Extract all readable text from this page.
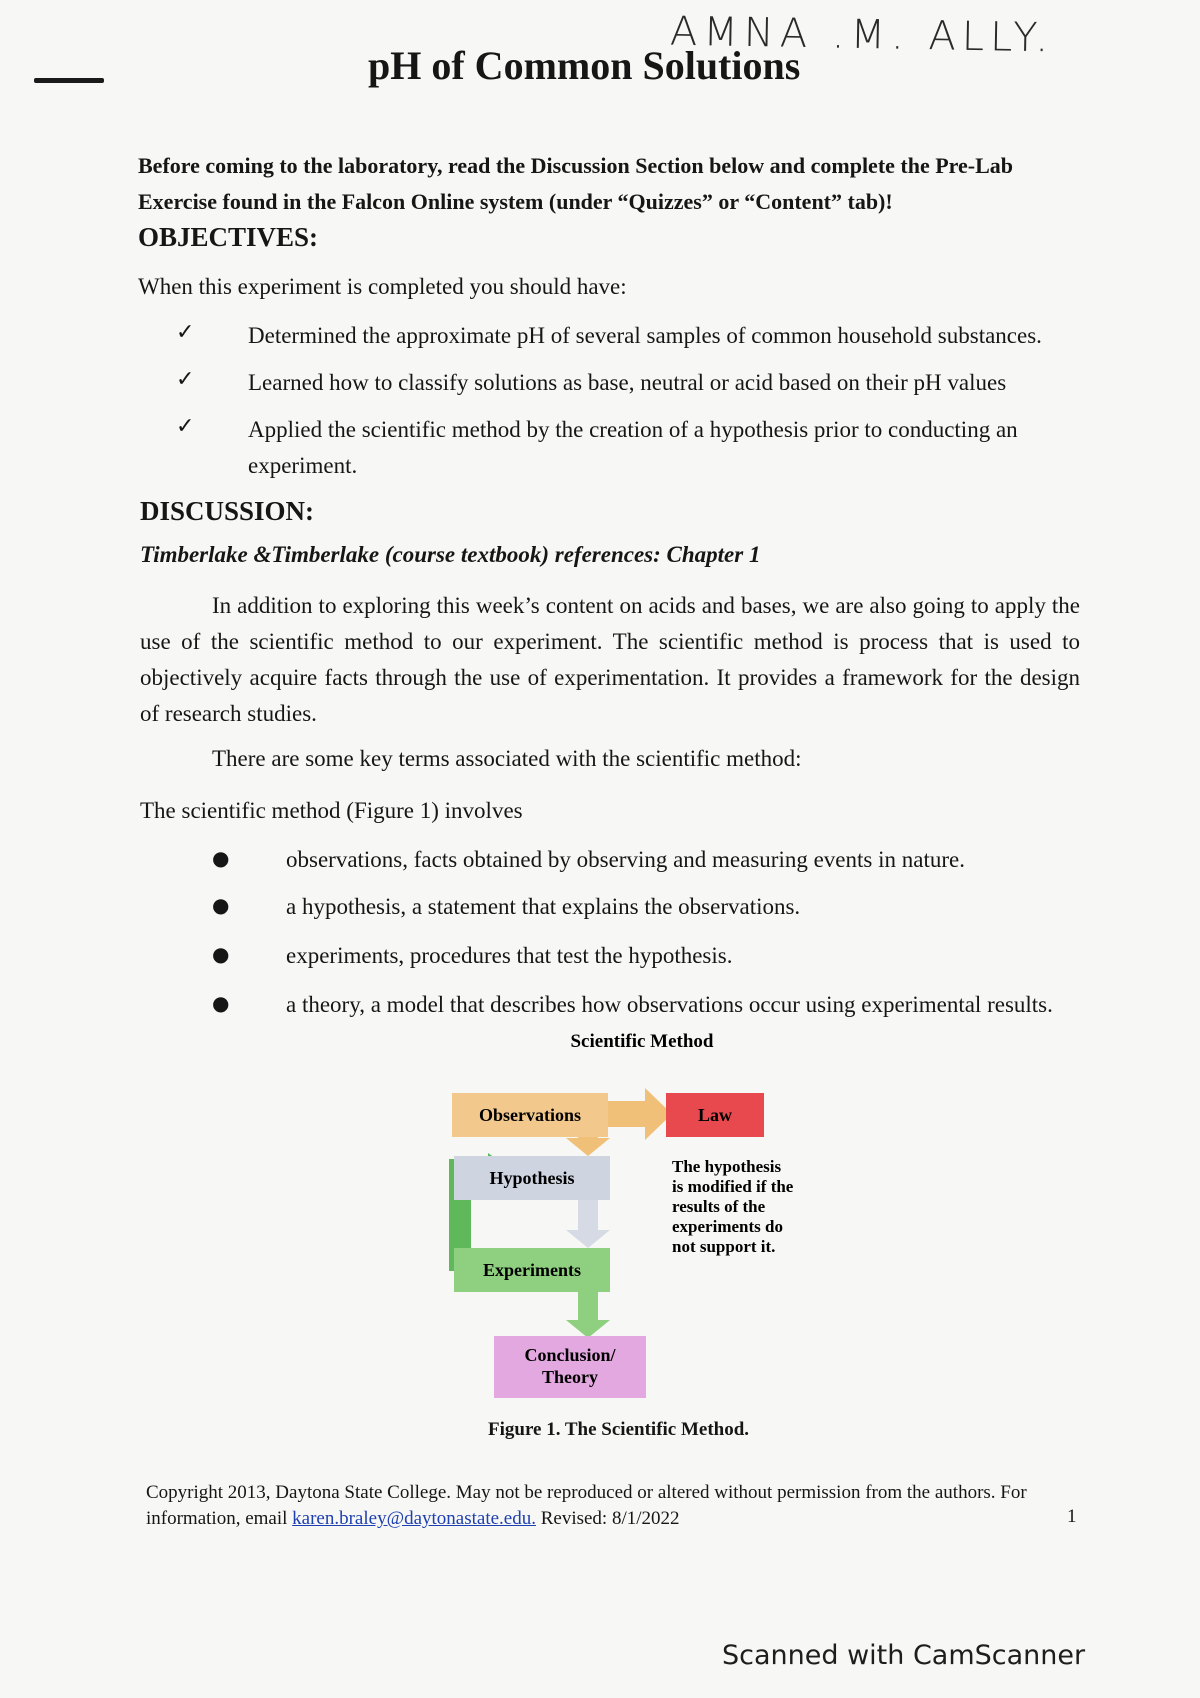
AMNA .M. ALLY.
pH of Common Solutions
Before coming to the laboratory, read the Discussion Section below and complete the Pre-Lab Exercise found in the Falcon Online system (under “Quizzes” or “Content” tab)!
OBJECTIVES:
When this experiment is completed you should have:
✓ Determined the approximate pH of several samples of common household substances.
✓ Learned how to classify solutions as base, neutral or acid based on their pH values
✓ Applied the scientific method by the creation of a hypothesis prior to conducting an experiment.
DISCUSSION:
Timberlake &Timberlake (course textbook) references: Chapter 1
In addition to exploring this week’s content on acids and bases, we are also going to apply the use of the scientific method to our experiment. The scientific method is process that is used to objectively acquire facts through the use of experimentation. It provides a framework for the design of research studies.
There are some key terms associated with the scientific method:
The scientific method (Figure 1) involves
● observations, facts obtained by observing and measuring events in nature.
● a hypothesis, a statement that explains the observations.
● experiments, procedures that test the hypothesis.
● a theory, a model that describes how observations occur using experimental results.
Scientific Method
Observations	Law
Hypothesis
Experiments
Conclusion/
Theory
The hypothesis
is modified if the
results of the
experiments do
not support it.
Figure 1. The Scientific Method.
Copyright 2013, Daytona State College. May not be reproduced or altered without permission from the authors. For information, email karen.braley@daytonastate.edu. Revised: 8/1/2022	1
Scanned with CamScanner
